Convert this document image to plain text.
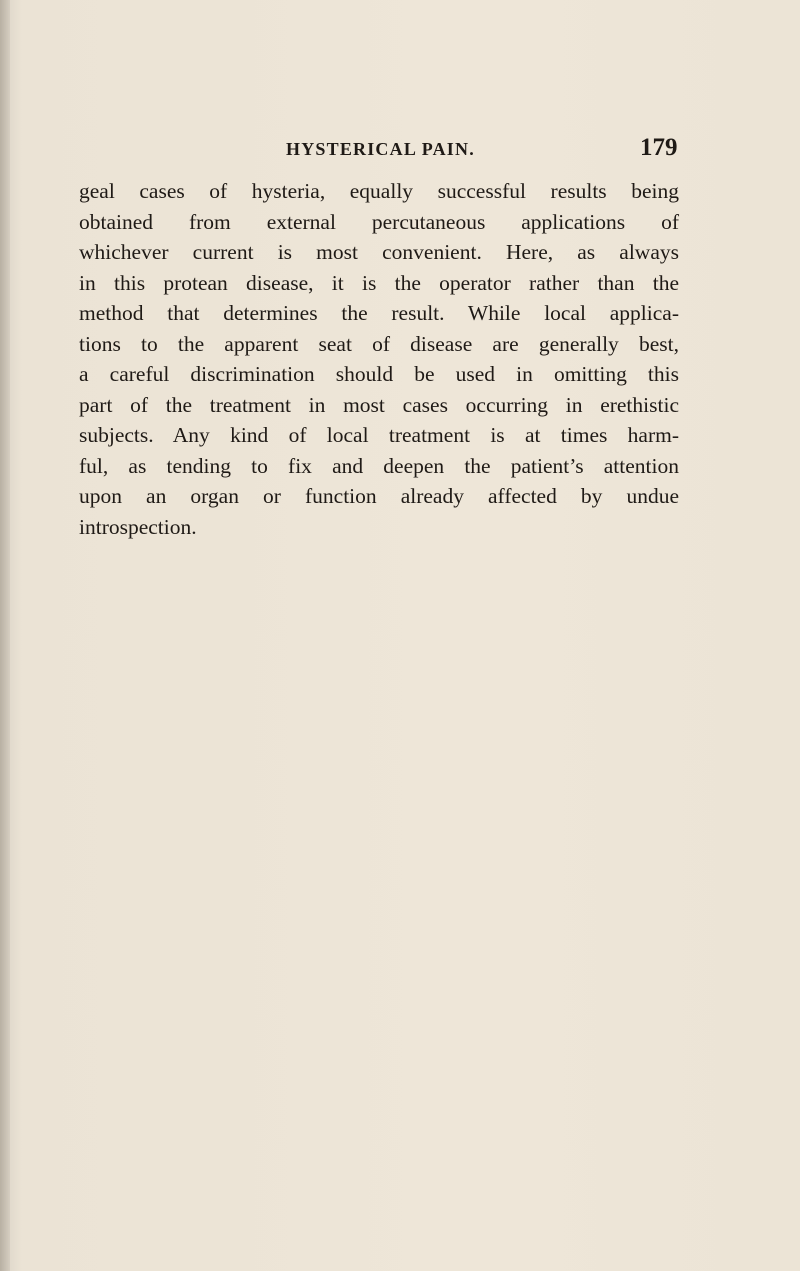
HYSTERICAL PAIN.	179
geal cases of hysteria, equally successful results being
obtained from external percutaneous applications of
whichever current is most convenient. Here, as always
in this protean disease, it is the operator rather than the
method that determines the result. While local applica-
tions to the apparent seat of disease are generally best,
a careful discrimination should be used in omitting this
part of the treatment in most cases occurring in erethistic
subjects. Any kind of local treatment is at times harm-
ful, as tending to fix and deepen the patient’s attention
upon an organ or function already affected by undue
introspection.
